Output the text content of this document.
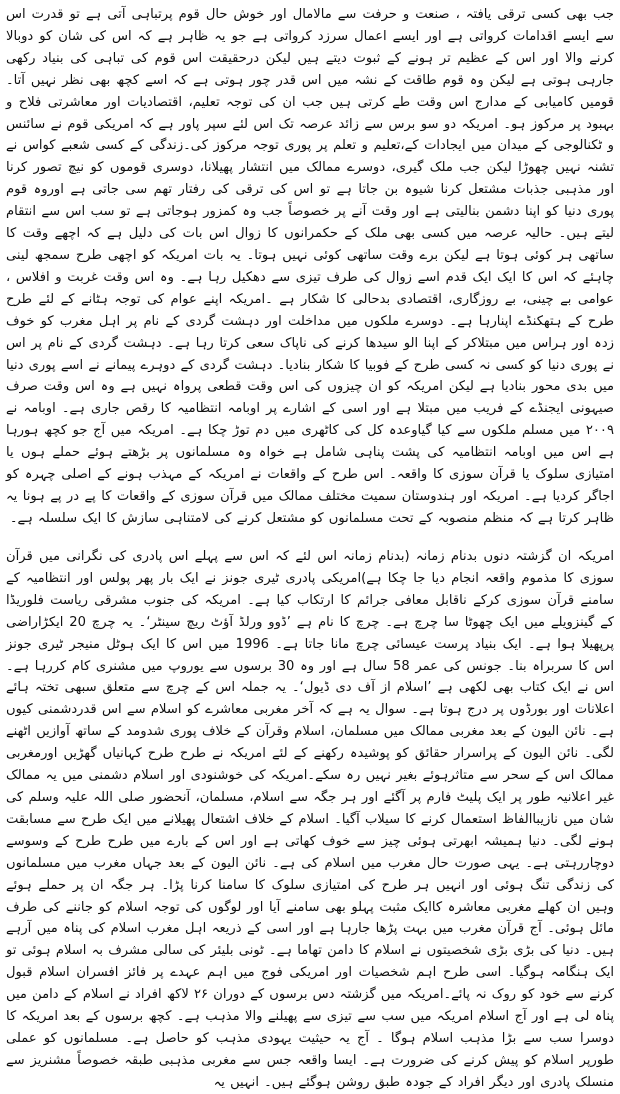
جب بھی کسی ترقی یافتہ ، صنعت و حرفت سے مالامال اور خوش حال قوم پرتباہی آتی ہے تو قدرت اس سے ایسے اقدامات کرواتی ہے اور ایسے اعمال سرزد کرواتی ہے جو یہ ظاہر ہے کہ اس کی شان کو دوبالا کرنے والا اور اس کے عظیم تر ہونے کے ثبوت دیتے ہیں لیکن درحقیقت اس قوم کی تباہی کی بنیاد رکھی جارہی ہوتی ہے لیکن وہ قوم طاقت کے نشہ میں اس قدر چور ہوتی ہے کہ اسے کچھ بھی نظر نہیں آتا۔ قومیں کامیابی کے مدارج اس وقت طے کرتی ہیں جب ان کی توجہ تعلیم، اقتصادیات اور معاشرتی فلاح و بہبود پر مرکوز ہو۔ امریکہ دو سو برس سے زائد عرصہ تک اس لئے سپر پاور ہے کہ امریکی قوم نے سائنس و ٹکنالوجی کے میدان میں ایجادات کے،تعلیم و تعلم پر پوری توجہ مرکوز کی۔زندگی کے کسی شعبے کواس نے تشنہ نہیں چھوڑا لیکن جب ملک گیری، دوسرے ممالک میں انتشار پھیلانا، دوسری قوموں کو نیچ تصور کرنا اور مذہبی جذبات مشتعل کرنا شیوہ بن جاتا ہے تو اس کی ترقی کی رفتار تھم سی جاتی ہے اوروہ قوم پوری دنیا کو اپنا دشمن بنالیتی ہے اور وقت آنے پر خصوصاً جب وہ کمزور ہوجاتی ہے تو سب اس سے انتقام لیتے ہیں۔ حالیہ عرصہ میں کسی بھی ملک کے حکمرانوں کا زوال اس بات کی دلیل ہے کہ اچھے وقت کا ساتھی ہر کوئی ہوتا ہے لیکن برے وقت ساتھی کوئی نہیں ہوتا۔ یہ بات امریکہ کو اچھی طرح سمجھ لینی چاہئے کہ اس کا ایک ایک قدم اسے زوال کی طرف تیزی سے دھکیل رہا ہے۔ وہ اس وقت غربت و افلاس ، عوامی بے چینی، بے روزگاری، اقتصادی بدحالی کا شکار ہے ۔امریکہ اپنے عوام کی توجہ ہٹانے کے لئے طرح طرح کے ہتھکنڈے اپنارہا ہے۔ دوسرے ملکوں میں مداخلت اور دہشت گردی کے نام پر اہل مغرب کو خوف زدہ اور ہراس میں مبتلاکر کے اپنا الو سیدھا کرنے کی ناپاک سعی کرتا رہا ہے۔ دہشت گردی کے نام پر اس نے پوری دنیا کو کسی نہ کسی طرح کے فوبیا کا شکار بنادیا۔ دہشت گردی کے دوہرے پیمانے نے اسے پوری دنیا میں بدی محور بنادیا ہے لیکن امریکہ کو ان چیزوں کی اس وقت قطعی پرواہ نہیں ہے وہ اس وقت صرف صیہونی ایجنڈے کے فریب میں مبتلا ہے اور اسی کے اشارے پر اوبامہ انتظامیہ کا رقص جاری ہے۔ اوبامہ نے ۲۰۰۹ میں مسلم ملکوں سے کیا گیاوعدہ کل کی کاٹھری میں دم توڑ چکا ہے۔ امریکہ میں آج جو کچھ ہورہا ہے اس میں اوبامہ انتظامیہ کی پشت پناہی شامل ہے خواہ وہ مسلمانوں پر بڑھتے ہوئے حملے ہوں یا امتیازی سلوک یا قرآن سوزی کا واقعہ۔ اس طرح کے واقعات نے امریکہ کے مہذب ہونے کے اصلی چہرہ کو اجاگر کردیا ہے۔ امریکہ اور ہندوستان سمیت مختلف ممالک میں قرآن سوزی کے واقعات کا پے در پے ہونا یہ ظاہر کرتا ہے کہ منظم منصوبہ کے تحت مسلمانوں کو مشتعل کرنے کی لامتناہی سازش کا ایک سلسلہ ہے۔

امریکہ ان گزشتہ دنوں بدنام زمانہ (بدنام زمانہ اس لئے کہ اس سے پہلے اس پادری کی نگرانی میں قرآن سوزی کا مذموم واقعہ انجام دیا جا چکا ہے)امریکی پادری ٹیری جونز نے ایک بار پھر پولس اور انتظامیہ کے سامنے قرآن سوزی کرکے ناقابل معافی جرائم کا ارتکاب کیا ہے۔ امریکہ کی جنوب مشرقی ریاست فلوریڈا کے گینزویلے میں ایک چھوٹا سا چرچ ہے۔ چرچ کا نام ہے ’ڈوو ورلڈ آؤٹ ریچ سینٹر‘۔ یہ چرچ 20 ایکڑاراضی پرپھیلا ہوا ہے۔ ایک بنیاد پرست عیسائی چرچ مانا جاتا ہے۔ 1996 میں اس کا ایک ہوٹل منیجر ٹیری جونز اس کا سربراہ بنا۔ جونس کی عمر 58 سال ہے اور وہ 30 برسوں سے یوروپ میں مشنری کام کررہا ہے۔ اس نے ایک کتاب بھی لکھی ہے ’اسلام از آف دی ڈیول‘۔ یہ جملہ اس کے چرچ سے متعلق سبھی تختہ ہائے اعلانات اور بورڈوں پر درج ہوتا ہے۔ سوال یہ ہے کہ آخر مغربی معاشرے کو اسلام سے اس قدردشمنی کیوں ہے۔ نائن الیون کے بعد مغربی ممالک میں مسلمان، اسلام وقرآن کے خلاف پوری شدومد کے ساتھ آوازیں اٹھنے لگی۔ نائن الیون کے پراسرار حقائق کو پوشیدہ رکھنے کے لئے امریکہ نے طرح طرح کہانیاں گھڑیں اورمغربی ممالک اس کے سحر سے متاثرہوئے بغیر نہیں رہ سکے۔امریکہ کی خوشنودی اور اسلام دشمنی میں یہ ممالک غیر اعلانیہ طور پر ایک پلیٹ فارم پر آگئے اور ہر جگہ سے اسلام، مسلمان، آنحضور صلی اللہ علیہ وسلم کی شان میں نازیباالفاظ استعمال کرنے کا سیلاب آگیا۔ اسلام کے خلاف اشتعال پھیلانے میں ایک طرح سے مسابقت ہونے لگی۔ دنیا ہمیشہ ابھرتی ہوئی چیز سے خوف کھاتی ہے اور اس کے بارے میں طرح طرح کے وسوسے دوچاررہتی ہے۔ یہی صورت حال مغرب میں اسلام کی ہے۔ نائن الیون کے بعد جہاں مغرب میں مسلمانوں کی زندگی تنگ ہوئی اور انہیں ہر طرح کی امتیازی سلوک کا سامنا کرنا پڑا۔ ہر جگہ ان پر حملے ہوئے وہیں ان کھلے مغربی معاشرہ کاایک مثبت پہلو بھی سامنے آیا اور لوگوں کی توجہ اسلام کو جاننے کی طرف مائل ہوئی۔ آج قرآن مغرب میں بہت پڑھا جارہا ہے اور اسی کے ذریعہ اہل مغرب اسلام کی پناہ میں آرہے ہیں۔ دنیا کی بڑی بڑی شخصیتوں نے اسلام کا دامن تھاما ہے۔ ٹونی بلیئر کی سالی مشرف بہ اسلام ہوئی تو ایک ہنگامہ ہوگیا۔ اسی طرح اہم شخصیات اور امریکی فوج میں اہم عہدے پر فائز افسران اسلام قبول کرنے سے خود کو روک نہ پائے۔امریکہ میں گزشتہ دس برسوں کے دوران ۲۶ لاکھ افراد نے اسلام کے دامن میں پناہ لی ہے اور آج اسلام امریکہ میں سب سے تیزی سے پھیلنے والا مذہب ہے۔ کچھ برسوں کے بعد امریکہ کا دوسرا سب سے بڑا مذہب اسلام ہوگا ۔ آج یہ حیثیت یہودی مذہب کو حاصل ہے۔ مسلمانوں کو عملی طورپر اسلام کو پیش کرنے کی ضرورت ہے۔ ایسا واقعہ جس سے مغربی مذہبی طبقہ خصوصاً مشنریز سے منسلک پادری اور دیگر افراد کے جودہ طبق روشن ہوگئے ہیں۔ انہیں یہ
